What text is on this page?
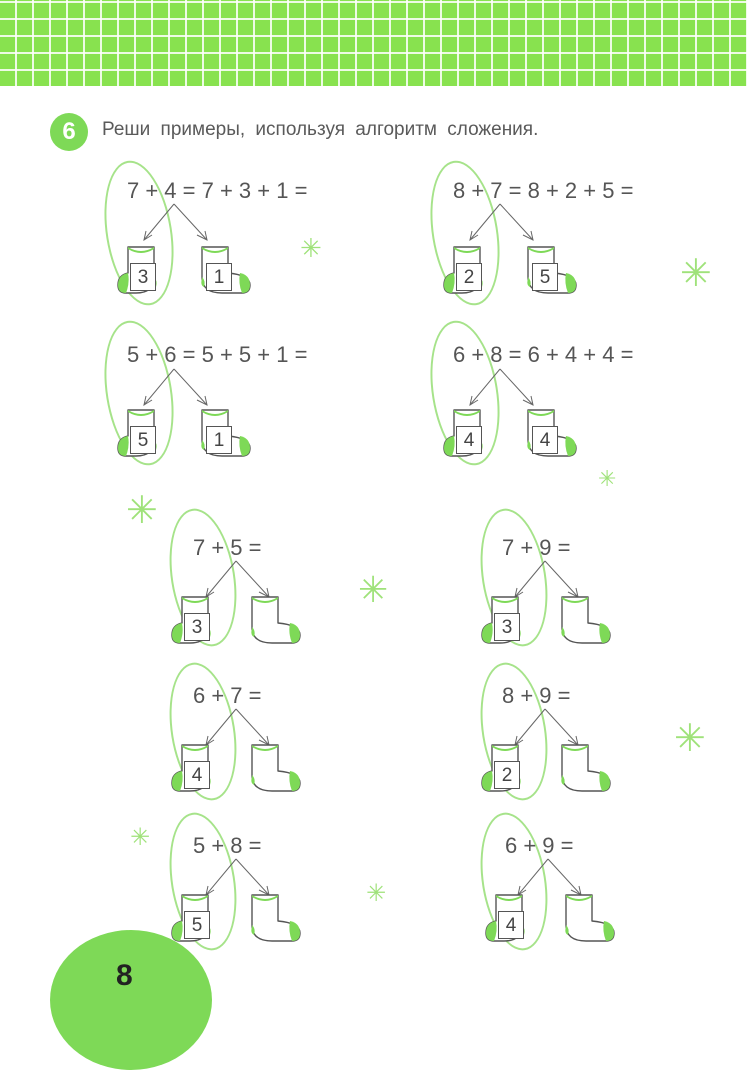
6	Реши примеры, используя алгоритм сложения.
7 + 4 = 7 + 3 + 1 =
3	1
8 + 7 = 8 + 2 + 5 =
2	5
5 + 6 = 5 + 5 + 1 =
5	1
6 + 8 = 6 + 4 + 4 =
4	4
7 + 5 =
3
7 + 9 =
3
6 + 7 =
4
8 + 9 =
2
5 + 8 =
5
6 + 9 =
4
✳
✳
✳
✳
✳
✳
✳
✳
8
